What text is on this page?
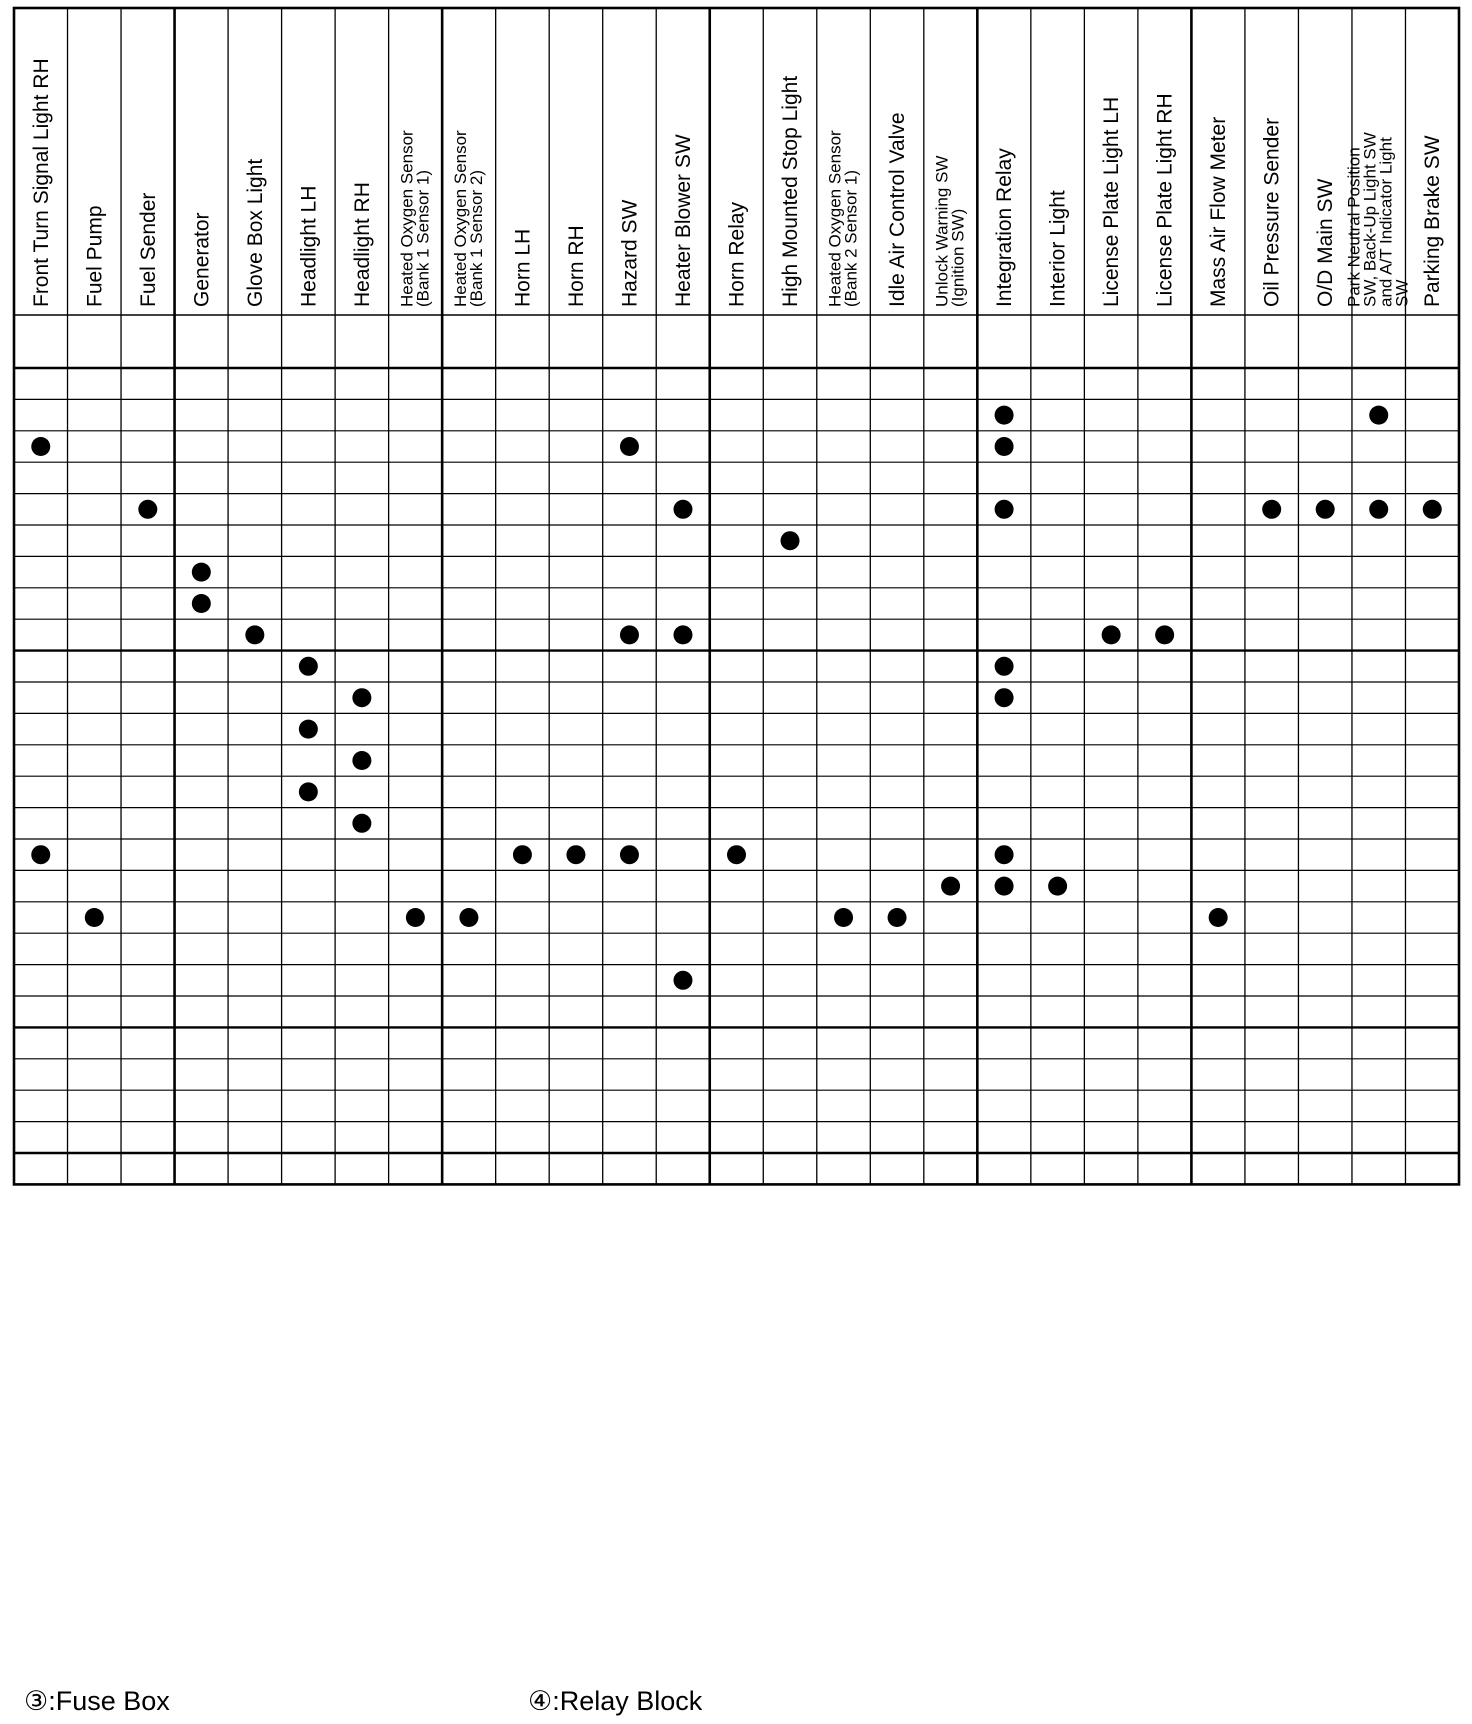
Front Turn Signal Light RH Fuel Pump Fuel Sender Generator Glove Box Light Headlight LH Headlight RH Heated Oxygen Sensor
(Bank 1 Sensor 1) Heated Oxygen Sensor
(Bank 1 Sensor 2) Horn LH Horn RH Hazard SW Heater Blower SW Horn Relay High Mounted Stop Light Heated Oxygen Sensor
(Bank 2 Sensor 1) Idle Air Control Valve Unlock Warning SW
(Ignition SW) Integration Relay Interior Light License Plate Light LH License Plate Light RH Mass Air Flow Meter Oil Pressure Sender O/D Main SW Park Neutral Position
SW, Back-Up Light SW
and A/T Indicator Light
SW Parking Brake SW
③:Fuse Box	④:Relay Block
